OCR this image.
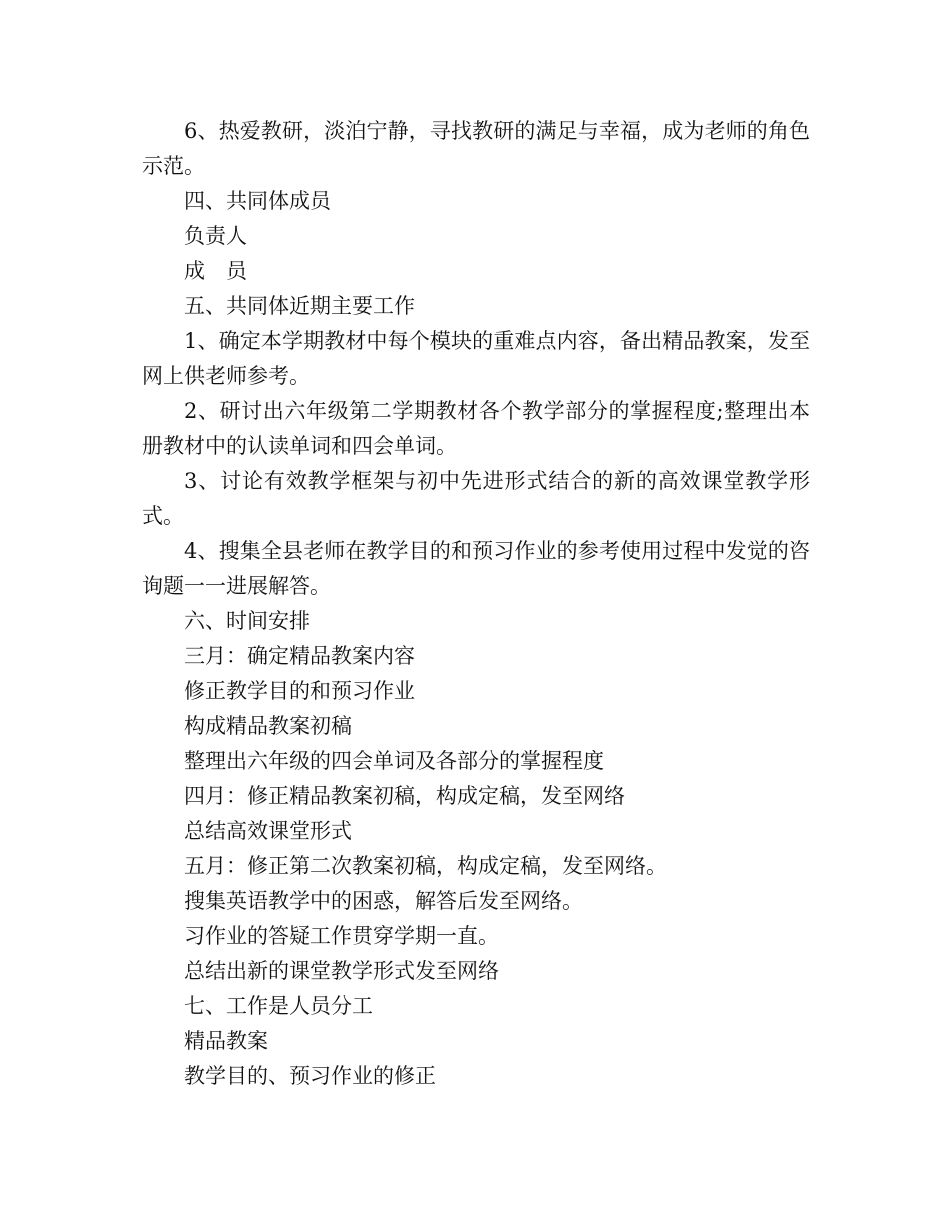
6、热爱教研，淡泊宁静，寻找教研的满足与幸福，成为老师的角色示范。

四、共同体成员

负责人

成　员

五、共同体近期主要工作

1、确定本学期教材中每个模块的重难点内容，备出精品教案，发至网上供老师参考。

2、研讨出六年级第二学期教材各个教学部分的掌握程度;整理出本册教材中的认读单词和四会单词。

3、讨论有效教学框架与初中先进形式结合的新的高效课堂教学形式。

4、搜集全县老师在教学目的和预习作业的参考使用过程中发觉的咨询题一一进展解答。

六、时间安排

三月：确定精品教案内容

修正教学目的和预习作业

构成精品教案初稿

整理出六年级的四会单词及各部分的掌握程度

四月：修正精品教案初稿，构成定稿，发至网络

总结高效课堂形式

五月：修正第二次教案初稿，构成定稿，发至网络。

搜集英语教学中的困惑，解答后发至网络。

习作业的答疑工作贯穿学期一直。

总结出新的课堂教学形式发至网络

七、工作是人员分工

精品教案

教学目的、预习作业的修正
